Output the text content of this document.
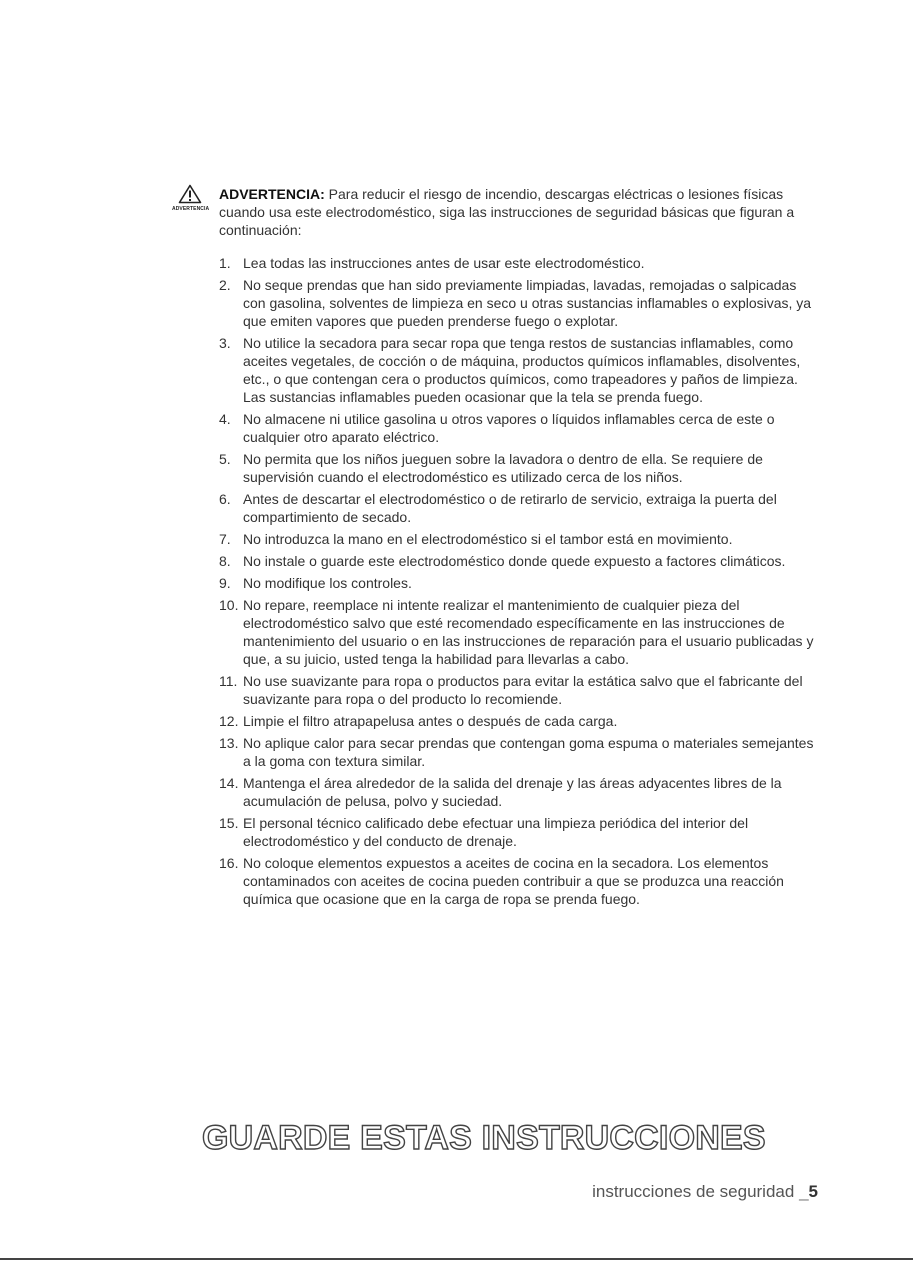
ADVERTENCIA
ADVERTENCIA: Para reducir el riesgo de incendio, descargas eléctricas o lesiones físicas cuando usa este electrodoméstico, siga las instrucciones de seguridad básicas que figuran a continuación:
1. Lea todas las instrucciones antes de usar este electrodoméstico.
2. No seque prendas que han sido previamente limpiadas, lavadas, remojadas o salpicadas con gasolina, solventes de limpieza en seco u otras sustancias inflamables o explosivas, ya que emiten vapores que pueden prenderse fuego o explotar.
3. No utilice la secadora para secar ropa que tenga restos de sustancias inflamables, como aceites vegetales, de cocción o de máquina, productos químicos inflamables, disolventes, etc., o que contengan cera o productos químicos, como trapeadores y paños de limpieza. Las sustancias inflamables pueden ocasionar que la tela se prenda fuego.
4. No almacene ni utilice gasolina u otros vapores o líquidos inflamables cerca de este o cualquier otro aparato eléctrico.
5. No permita que los niños jueguen sobre la lavadora o dentro de ella. Se requiere de supervisión cuando el electrodoméstico es utilizado cerca de los niños.
6. Antes de descartar el electrodoméstico o de retirarlo de servicio, extraiga la puerta del compartimiento de secado.
7. No introduzca la mano en el electrodoméstico si el tambor está en movimiento.
8. No instale o guarde este electrodoméstico donde quede expuesto a factores climáticos.
9. No modifique los controles.
10. No repare, reemplace ni intente realizar el mantenimiento de cualquier pieza del electrodoméstico salvo que esté recomendado específicamente en las instrucciones de mantenimiento del usuario o en las instrucciones de reparación para el usuario publicadas y que, a su juicio, usted tenga la habilidad para llevarlas a cabo.
11. No use suavizante para ropa o productos para evitar la estática salvo que el fabricante del suavizante para ropa o del producto lo recomiende.
12. Limpie el filtro atrapapelusa antes o después de cada carga.
13. No aplique calor para secar prendas que contengan goma espuma o materiales semejantes a la goma con textura similar.
14. Mantenga el área alrededor de la salida del drenaje y las áreas adyacentes libres de la acumulación de pelusa, polvo y suciedad.
15. El personal técnico calificado debe efectuar una limpieza periódica del interior del electrodoméstico y del conducto de drenaje.
16. No coloque elementos expuestos a aceites de cocina en la secadora. Los elementos contaminados con aceites de cocina pueden contribuir a que se produzca una reacción química que ocasione que en la carga de ropa se prenda fuego.
GUARDE ESTAS INSTRUCCIONES
instrucciones de seguridad _5
